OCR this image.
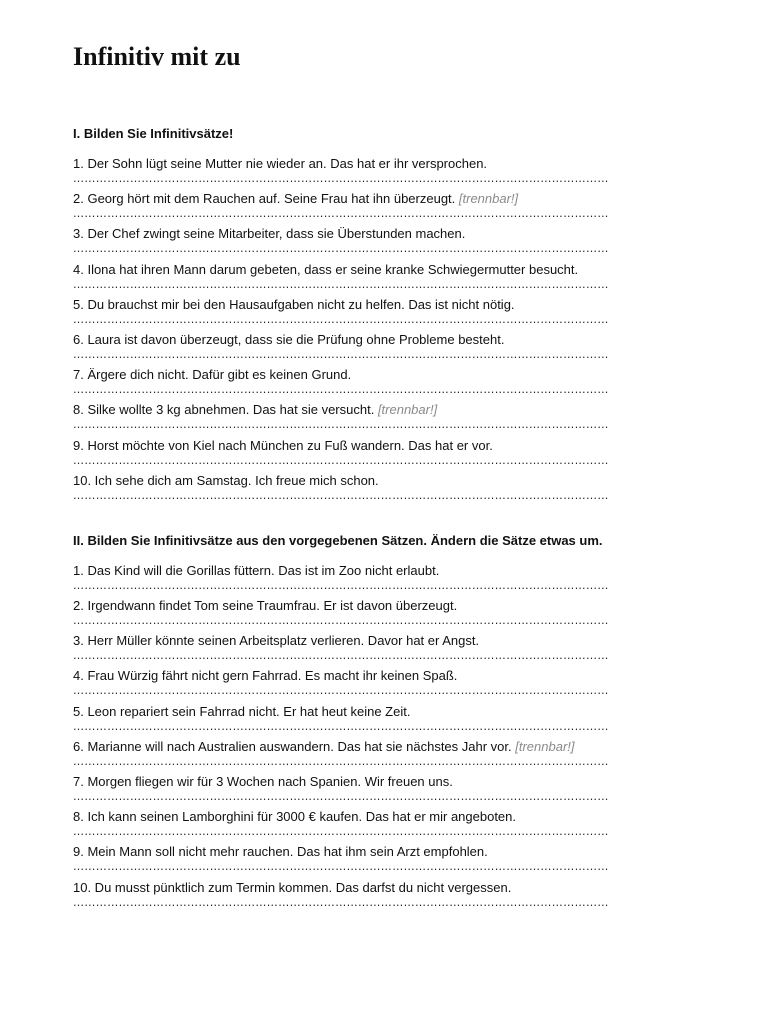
Infinitiv mit zu
I. Bilden Sie Infinitivsätze!
1. Der Sohn lügt seine Mutter nie wieder an. Das hat er ihr versprochen.
……………………………………………………………………………………………………………………………
2. Georg hört mit dem Rauchen auf. Seine Frau hat ihn überzeugt. [trennbar!]
……………………………………………………………………………………………………………………………
3. Der Chef zwingt seine Mitarbeiter, dass sie Überstunden machen.
……………………………………………………………………………………………………………………………
4. Ilona hat ihren Mann darum gebeten, dass er seine kranke Schwiegermutter besucht.
……………………………………………………………………………………………………………………………
5. Du brauchst mir bei den Hausaufgaben nicht zu helfen. Das ist nicht nötig.
……………………………………………………………………………………………………………………………
6. Laura ist davon überzeugt, dass sie die Prüfung ohne Probleme besteht.
……………………………………………………………………………………………………………………………
7. Ärgere dich nicht. Dafür gibt es keinen Grund.
……………………………………………………………………………………………………………………………
8. Silke wollte 3 kg abnehmen. Das hat sie versucht. [trennbar!]
……………………………………………………………………………………………………………………………
9. Horst möchte von Kiel nach München zu Fuß wandern. Das hat er vor.
……………………………………………………………………………………………………………………………
10. Ich sehe dich am Samstag. Ich freue mich schon.
……………………………………………………………………………………………………………………………
II. Bilden Sie Infinitivsätze aus den vorgegebenen Sätzen. Ändern die Sätze etwas um.
1. Das Kind will die Gorillas füttern. Das ist im Zoo nicht erlaubt.
……………………………………………………………………………………………………………………………
2. Irgendwann findet Tom seine Traumfrau. Er ist davon überzeugt.
……………………………………………………………………………………………………………………………
3. Herr Müller könnte seinen Arbeitsplatz verlieren. Davor hat er Angst.
……………………………………………………………………………………………………………………………
4. Frau Würzig fährt nicht gern Fahrrad. Es macht ihr keinen Spaß.
……………………………………………………………………………………………………………………………
5. Leon repariert sein Fahrrad nicht. Er hat heut keine Zeit.
……………………………………………………………………………………………………………………………
6. Marianne will nach Australien auswandern. Das hat sie nächstes Jahr vor. [trennbar!]
……………………………………………………………………………………………………………………………
7. Morgen fliegen wir für 3 Wochen nach Spanien. Wir freuen uns.
……………………………………………………………………………………………………………………………
8. Ich kann seinen Lamborghini für 3000 € kaufen. Das hat er mir angeboten.
……………………………………………………………………………………………………………………………
9. Mein Mann soll nicht mehr rauchen. Das hat ihm sein Arzt empfohlen.
……………………………………………………………………………………………………………………………
10. Du musst pünktlich zum Termin kommen. Das darfst du nicht vergessen.
……………………………………………………………………………………………………………………………
